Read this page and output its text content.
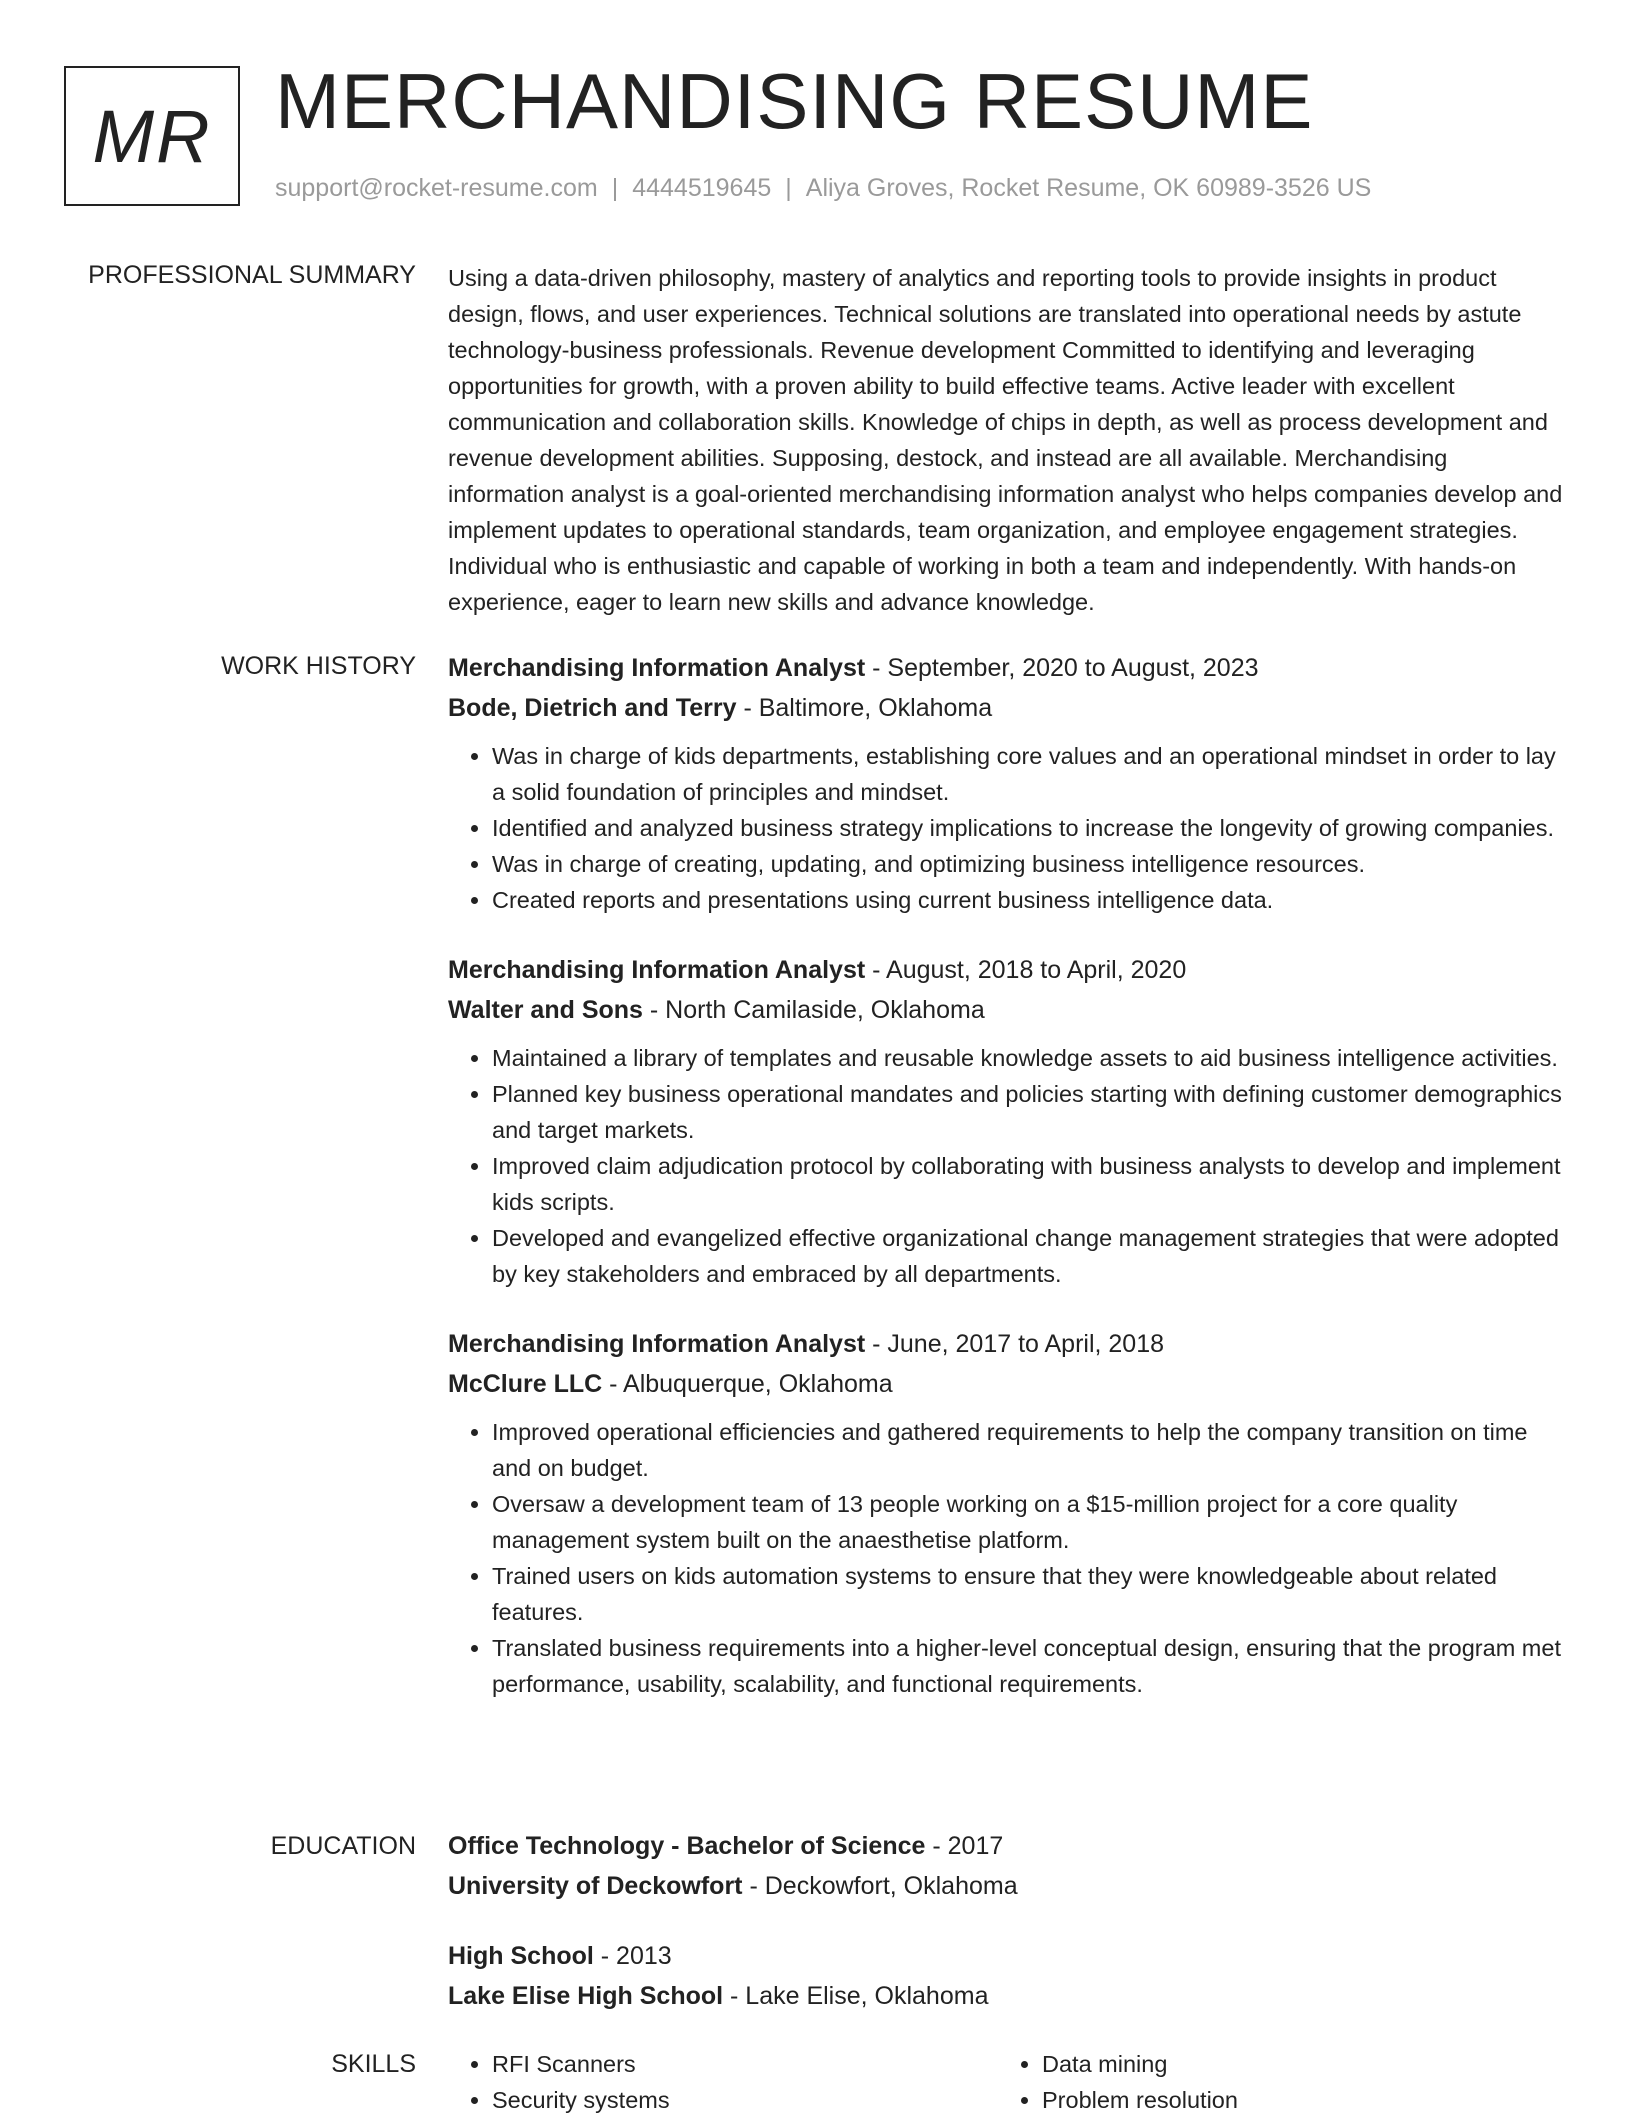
MR MERCHANDISING RESUME
support@rocket-resume.com | 4444519645 | Aliya Groves, Rocket Resume, OK 60989-3526 US
PROFESSIONAL SUMMARY Using a data-driven philosophy, mastery of analytics and reporting tools to provide insights in product design, flows, and user experiences. Technical solutions are translated into operational needs by astute technology-business professionals. Revenue development Committed to identifying and leveraging opportunities for growth, with a proven ability to build effective teams. Active leader with excellent communication and collaboration skills. Knowledge of chips in depth, as well as process development and revenue development abilities. Supposing, destock, and instead are all available. Merchandising information analyst is a goal-oriented merchandising information analyst who helps companies develop and implement updates to operational standards, team organization, and employee engagement strategies. Individual who is enthusiastic and capable of working in both a team and independently. With hands-on experience, eager to learn new skills and advance knowledge.

WORK HISTORY Merchandising Information Analyst - September, 2020 to August, 2023
Bode, Dietrich and Terry - Baltimore, Oklahoma
• Was in charge of kids departments, establishing core values and an operational mindset in order to lay a solid foundation of principles and mindset.
• Identified and analyzed business strategy implications to increase the longevity of growing companies.
• Was in charge of creating, updating, and optimizing business intelligence resources.
• Created reports and presentations using current business intelligence data.
Merchandising Information Analyst - August, 2018 to April, 2020
Walter and Sons - North Camilaside, Oklahoma
• Maintained a library of templates and reusable knowledge assets to aid business intelligence activities.
• Planned key business operational mandates and policies starting with defining customer demographics and target markets.
• Improved claim adjudication protocol by collaborating with business analysts to develop and implement kids scripts.
• Developed and evangelized effective organizational change management strategies that were adopted by key stakeholders and embraced by all departments.
Merchandising Information Analyst - June, 2017 to April, 2018
McClure LLC - Albuquerque, Oklahoma
• Improved operational efficiencies and gathered requirements to help the company transition on time and on budget.
• Oversaw a development team of 13 people working on a $15-million project for a core quality management system built on the anaesthetise platform.
• Trained users on kids automation systems to ensure that they were knowledgeable about related features.
• Translated business requirements into a higher-level conceptual design, ensuring that the program met performance, usability, scalability, and functional requirements.
EDUCATION Office Technology - Bachelor of Science - 2017
University of Deckowfort - Deckowfort, Oklahoma
High School - 2013
Lake Elise High School - Lake Elise, Oklahoma
SKILLS
•	RFI Scanners
• Security systems
• Data mining
• Problem resolution
